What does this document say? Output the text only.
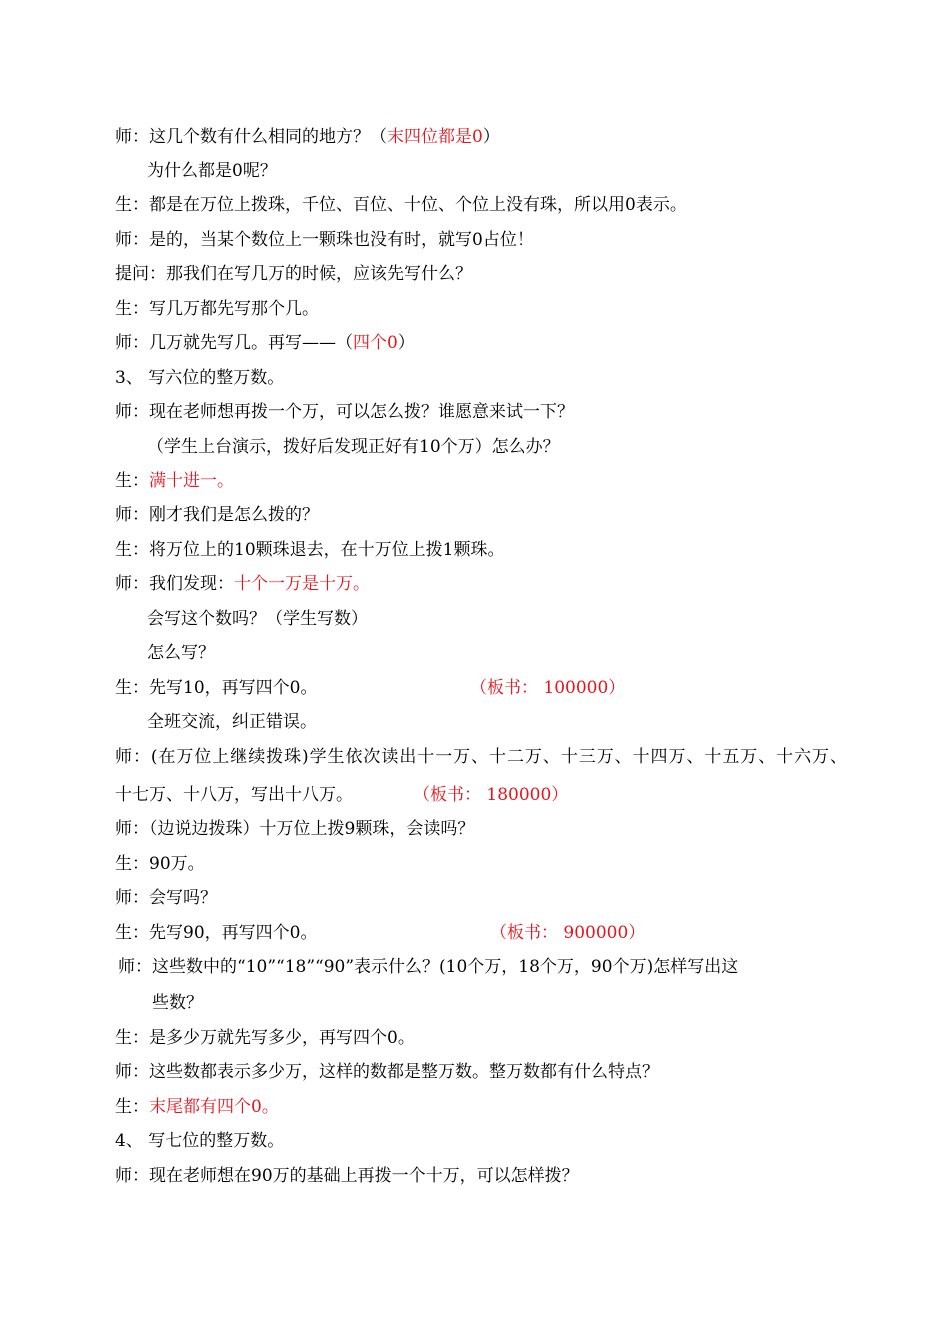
师：这几个数有什么相同的地方？（末四位都是0）
为什么都是0呢？
生：都是在万位上拨珠，千位、百位、十位、个位上没有珠，所以用0表示。
师：是的，当某个数位上一颗珠也没有时，就写0占位！
提问：那我们在写几万的时候，应该先写什么？
生：写几万都先写那个几。
师：几万就先写几。再写——（四个0）
3、 写六位的整万数。
师：现在老师想再拨一个万，可以怎么拨？谁愿意来试一下？
（学生上台演示，拨好后发现正好有10个万）怎么办？
生：满十进一。
师：刚才我们是怎么拨的？
生：将万位上的10颗珠退去，在十万位上拨1颗珠。
师：我们发现：十个一万是十万。
会写这个数吗？（学生写数）
怎么写？
生：先写10，再写四个0。	（板书： 100000）
全班交流，纠正错误。
师：(在万位上继续拨珠)学生依次读出十一万、十二万、十三万、十四万、十五万、十六万、
十七万、十八万，写出十八万。	（板书： 180000）
师：（边说边拨珠）十万位上拨9颗珠，会读吗？
生：90万。
师：会写吗？
生：先写90，再写四个0。	（板书： 900000）
师：这些数中的“10”“18”“90”表示什么？(10个万，18个万，90个万)怎样写出这
些数？
生：是多少万就先写多少，再写四个0。
师：这些数都表示多少万，这样的数都是整万数。整万数都有什么特点？
生：末尾都有四个0。
4、 写七位的整万数。
师：现在老师想在90万的基础上再拨一个十万，可以怎样拨？
